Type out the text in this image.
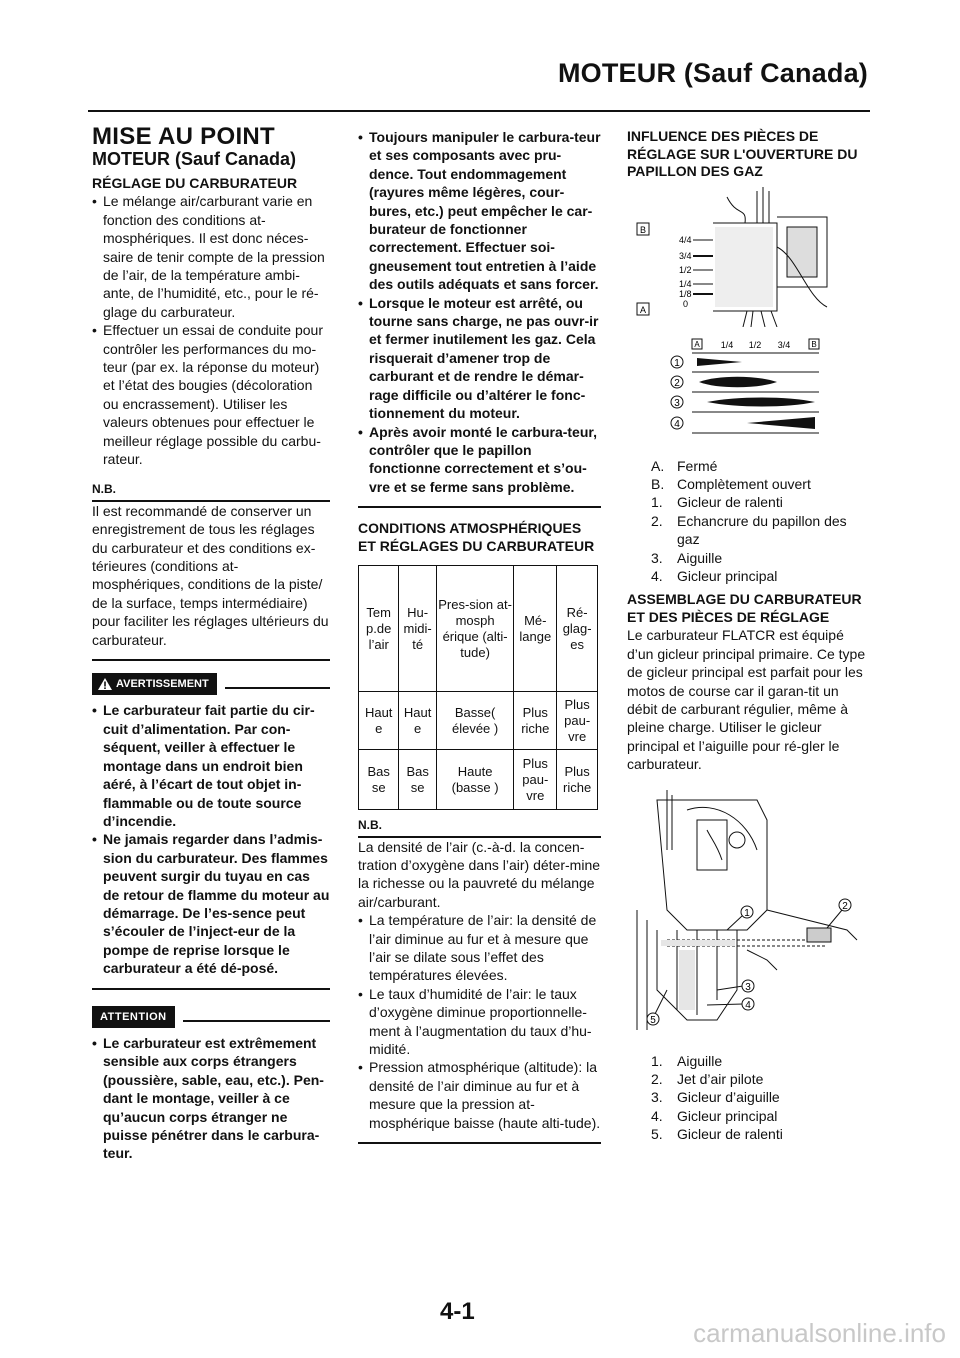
MOTEUR (Sauf Canada)
MISE AU POINT
MOTEUR (Sauf Canada)
RÉGLAGE DU CARBURATEUR
• Le mélange air/carburant varie en fonction des conditions at-mosphériques. Il est donc néces-saire de tenir compte de la pression de l’air, de la température ambi-ante, de l’humidité, etc., pour le ré-glage du carburateur.
• Effectuer un essai de conduite pour contrôler les performances du mo-teur (par ex. la réponse du moteur) et l’état des bougies (décoloration ou encrassement). Utiliser les valeurs obtenues pour effectuer le meilleur réglage possible du carbu-rateur.
N.B.
Il est recommandé de conserver un enregistrement de tous les réglages du carburateur et des conditions ex-térieures (conditions at-mosphériques, conditions de la piste/ de la surface, temps intermédiaire) pour faciliter les réglages ultérieurs du carburateur.
AVERTISSEMENT
• Le carburateur fait partie du cir-cuit d’alimentation. Par con-séquent, veiller à effectuer le montage dans un endroit bien aéré, à l’écart de tout objet in-flammable ou de toute source d’incendie.
• Ne jamais regarder dans l’admis-sion du carburateur. Des flammes peuvent surgir du tuyau en cas de retour de flamme du moteur au démarrage. De l’es-sence peut s’écouler de l’inject-eur de la pompe de reprise lorsque le carburateur a été dé-posé.
ATTENTION
• Le carburateur est extrêmement sensible aux corps étrangers (poussière, sable, eau, etc.). Pen-dant le montage, veiller à ce qu’aucun corps étranger ne puisse pénétrer dans le carbura-teur.
• Toujours manipuler le carbura-teur et ses composants avec pru-dence. Tout endommagement (rayures même légères, cour-bures, etc.) peut empêcher le car-burateur de fonctionner correctement. Effectuer soi-gneusement tout entretien à l’aide des outils adéquats et sans forcer.
• Lorsque le moteur est arrêté, ou tourne sans charge, ne pas ouvr-ir et fermer inutilement les gaz. Cela risquerait d’amener trop de carburant et de rendre le démar-rage difficile ou d’altérer le fonc-tionnement du moteur.
• Après avoir monté le carbura-teur, contrôler que le papillon fonctionne correctement et s’ou-vre et se ferme sans problème.
CONDITIONS ATMOSPHÉRIQUES ET RÉGLAGES DU CARBURATEUR
Tem p.de l’air	Hu-midi-té	Pres-sion at-mosph érique (alti-tude)	Mé-lange	Ré-glag-es
Haut e	Haut e	Basse( élevée )	Plus riche	Plus pau-vre
Bas se	Bas se	Haute (basse )	Plus pau-vre	Plus riche
N.B.
La densité de l’air (c.-à-d. la concen-tration d’oxygène dans l’air) déter-mine la richesse ou la pauvreté du mélange air/carburant.
• La température de l’air: la densité de l’air diminue au fur et à mesure que l’air se dilate sous l’effet des températures élevées.
• Le taux d’humidité de l’air: le taux d’oxygène diminue proportionnelle-ment à l’augmentation du taux d’hu-midité.
• Pression atmosphérique (altitude): la densité de l’air diminue au fur et à mesure que la pression at-mosphérique baisse (haute alti-tude).
INFLUENCE DES PIÈCES DE RÉGLAGE SUR L'OUVERTURE DU PAPILLON DES GAZ
B
A
4/4
3/4
1/2
1/4
1/8
0
A 1/4 1/2 3/4	B
1
2
3
4
A. Fermé
B. Complètement ouvert
1.	Gicleur de ralenti
2.	Echancrure du papillon des gaz
3.	Aiguille
4.	Gicleur principal
ASSEMBLAGE DU CARBURATEUR ET DES PIÈCES DE RÉGLAGE
Le carburateur FLATCR est équipé d’un gicleur principal primaire. Ce type de gicleur principal est parfait pour les motos de course car il garan-tit un débit de carburant régulier, même à pleine charge. Utiliser le gicleur principal et l’aiguille pour ré-gler le carburateur.
1
2
3
4
5
1.	Aiguille
2.	Jet d’air pilote
3.	Gicleur d’aiguille
4.	Gicleur principal
5.	Gicleur de ralenti
4-1
carmanualsonline.info
